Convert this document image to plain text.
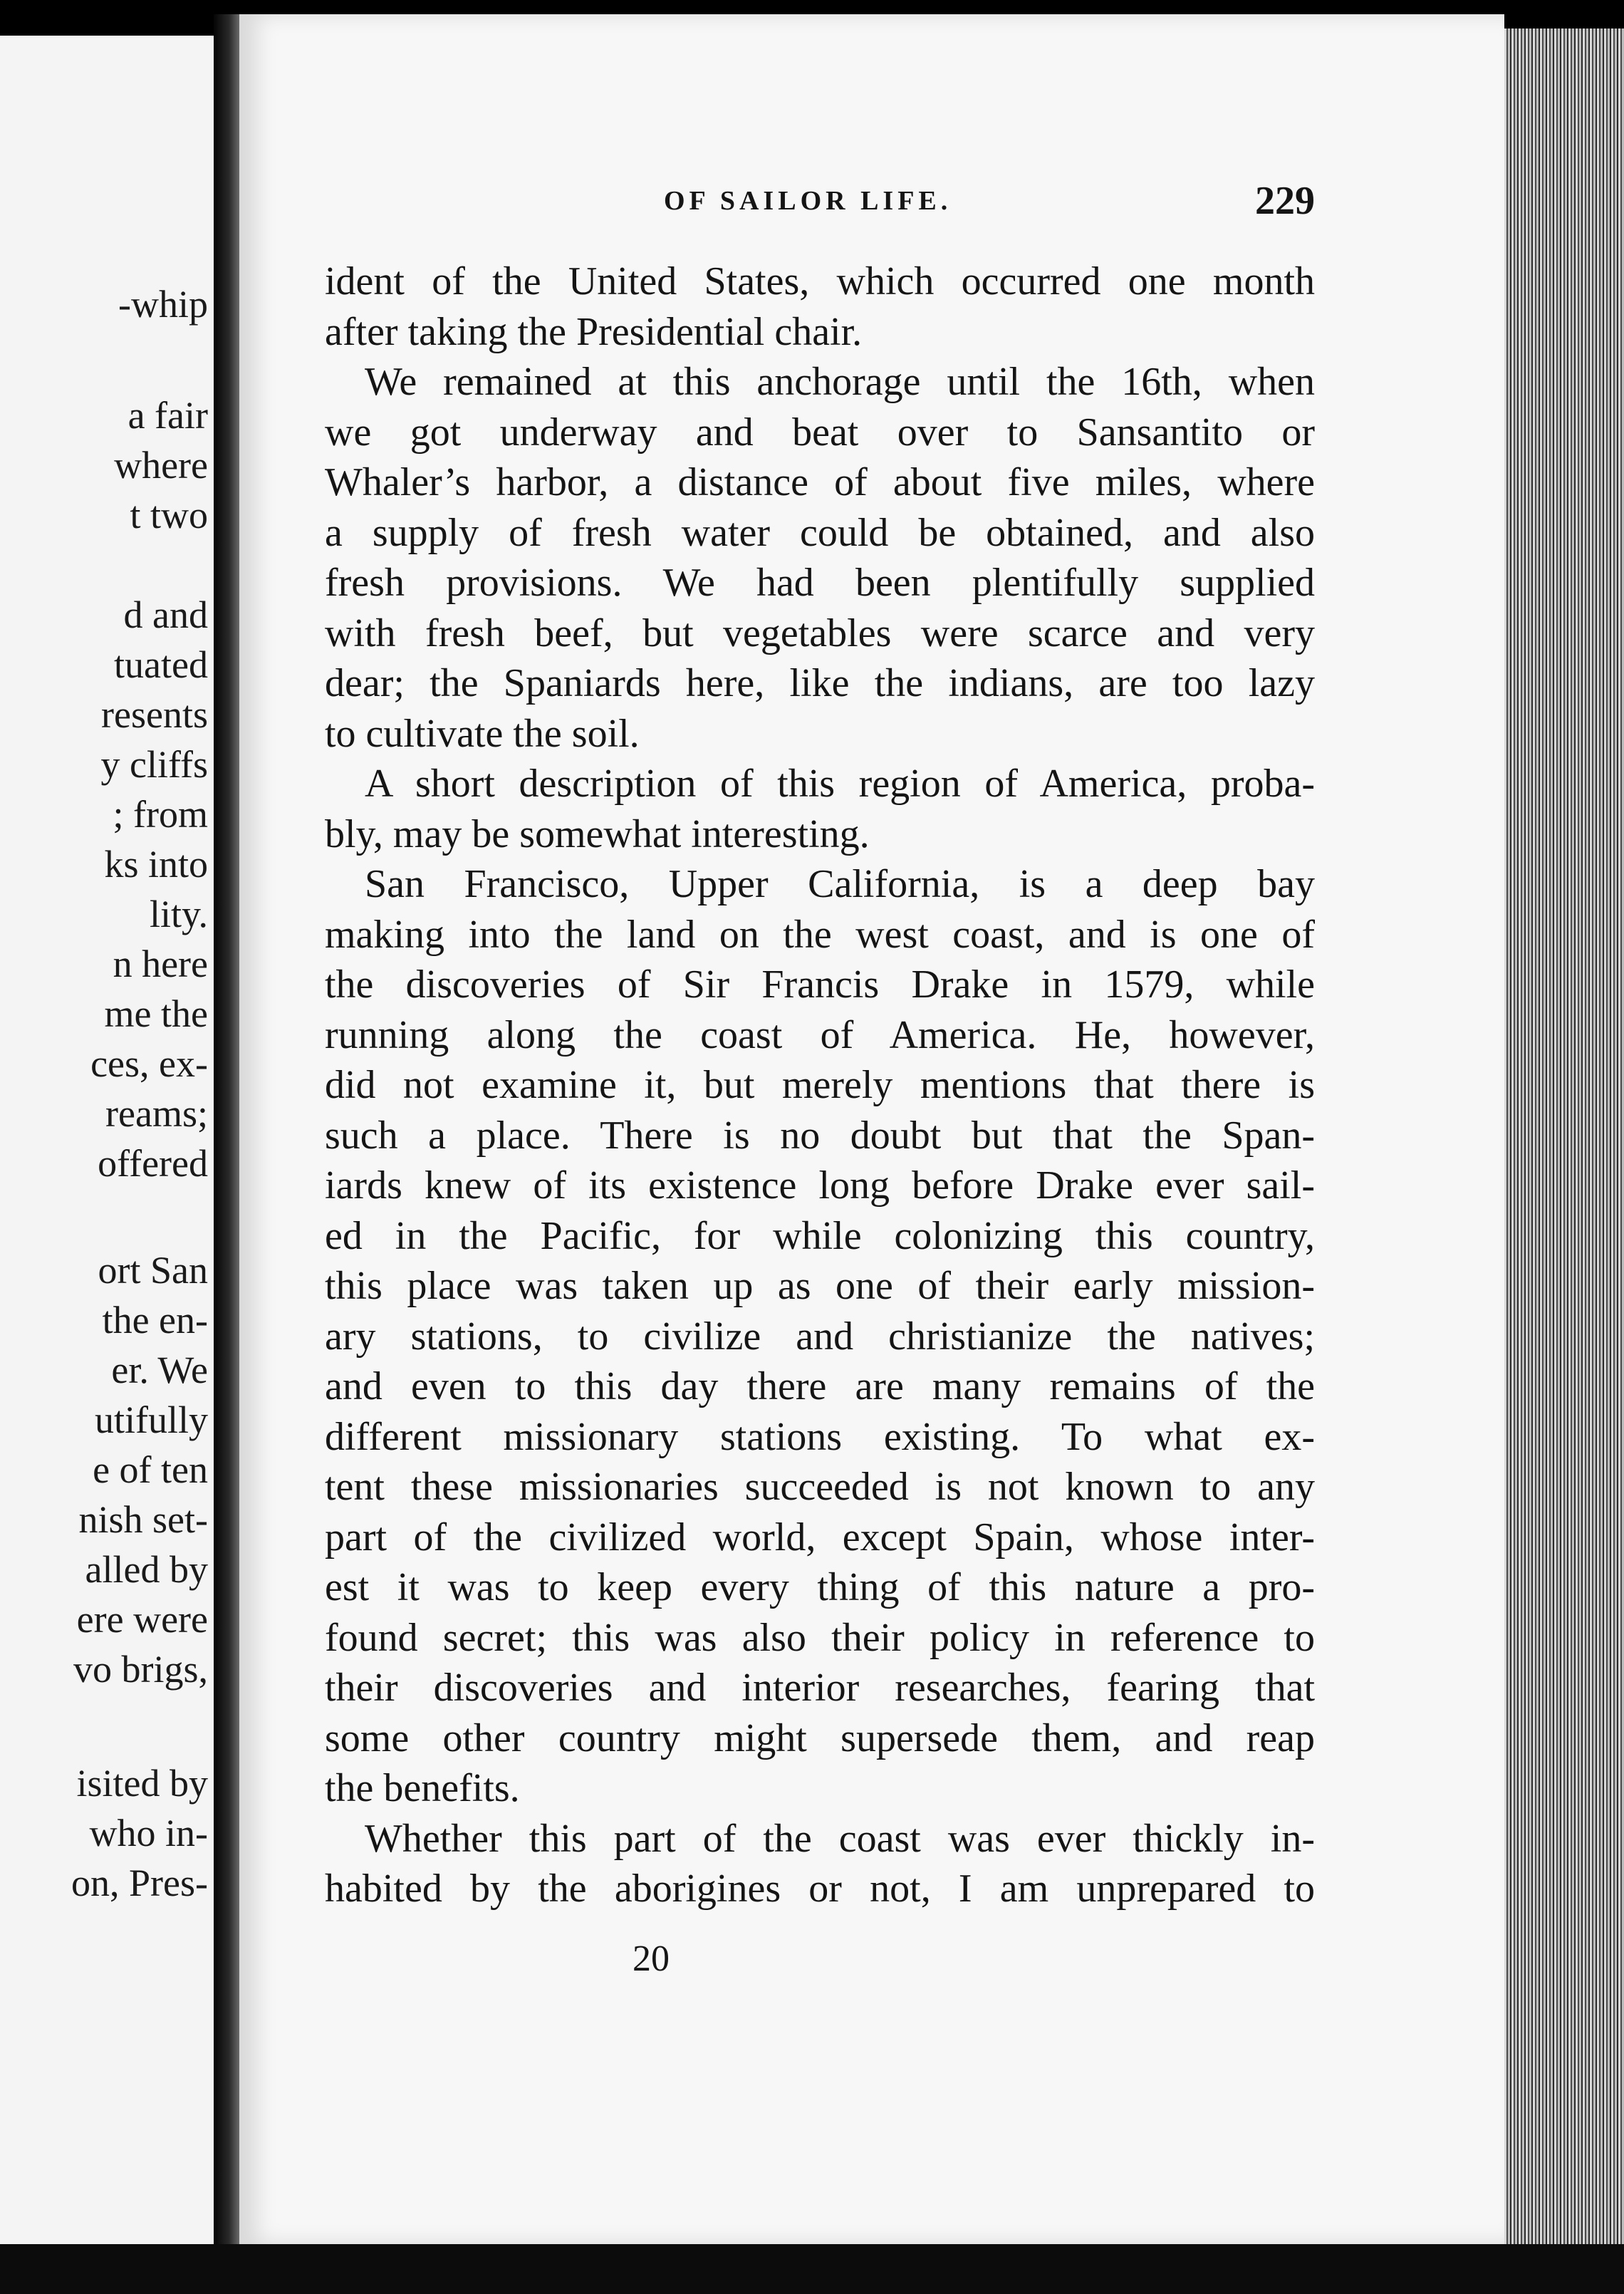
-whip
a fair
where
t two
d and
tuated
resents
y cliffs
; from
ks into
lity.
n here
me the
ces, ex-
reams;
offered
ort San
the en-
er. We
utifully
e of ten
nish set-
alled by
ere were
vo brigs,
isited by
who in-
on, Pres-
OF SAILOR LIFE.	229
ident of the United States, which occurred one month
after taking the Presidential chair.
We remained at this anchorage until the 16th, when
we got underway and beat over to Sansantito or
Whaler’s harbor, a distance of about five miles, where
a supply of fresh water could be obtained, and also
fresh provisions. We had been plentifully supplied
with fresh beef, but vegetables were scarce and very
dear; the Spaniards here, like the indians, are too lazy
to cultivate the soil.
A short description of this region of America, proba-
bly, may be somewhat interesting.
San Francisco, Upper California, is a deep bay
making into the land on the west coast, and is one of
the discoveries of Sir Francis Drake in 1579, while
running along the coast of America. He, however,
did not examine it, but merely mentions that there is
such a place. There is no doubt but that the Span-
iards knew of its existence long before Drake ever sail-
ed in the Pacific, for while colonizing this country,
this place was taken up as one of their early mission-
ary stations, to civilize and christianize the natives;
and even to this day there are many remains of the
different missionary stations existing. To what ex-
tent these missionaries succeeded is not known to any
part of the civilized world, except Spain, whose inter-
est it was to keep every thing of this nature a pro-
found secret; this was also their policy in reference to
their discoveries and interior researches, fearing that
some other country might supersede them, and reap
the benefits.
Whether this part of the coast was ever thickly in-
habited by the aborigines or not, I am unprepared to
20
